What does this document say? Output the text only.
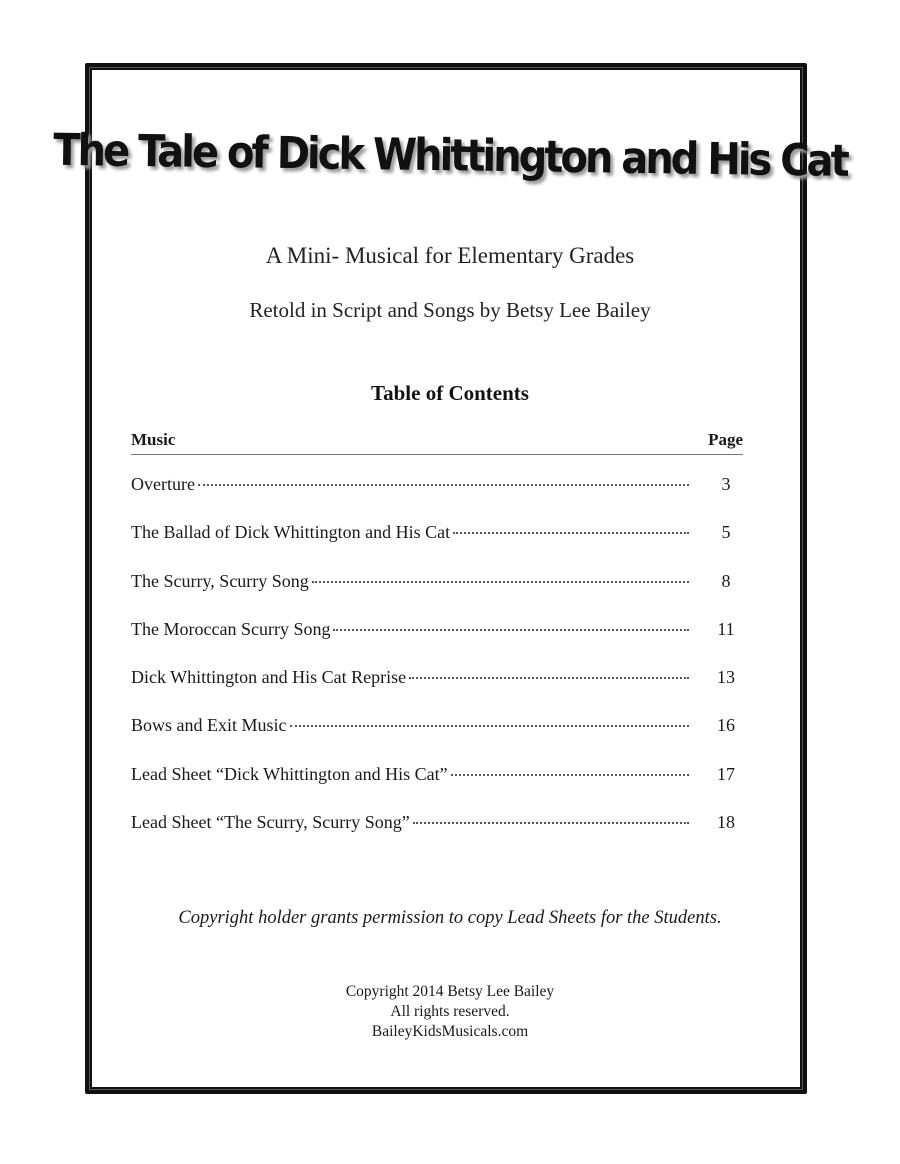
The Tale of Dick Whittington and His Cat
A Mini- Musical for Elementary Grades
Retold in Script and Songs by Betsy Lee Bailey
Table of Contents
Music	Page
Overture	3
The Ballad of Dick Whittington and His Cat	5
The Scurry, Scurry Song	8
The Moroccan Scurry Song	11
Dick Whittington and His Cat Reprise	13
Bows and Exit Music	16
Lead Sheet “Dick Whittington and His Cat”	17
Lead Sheet “The Scurry, Scurry Song”	18
Copyright holder grants permission to copy Lead Sheets for the Students.
Copyright 2014 Betsy Lee Bailey
All rights reserved.
BaileyKidsMusicals.com
